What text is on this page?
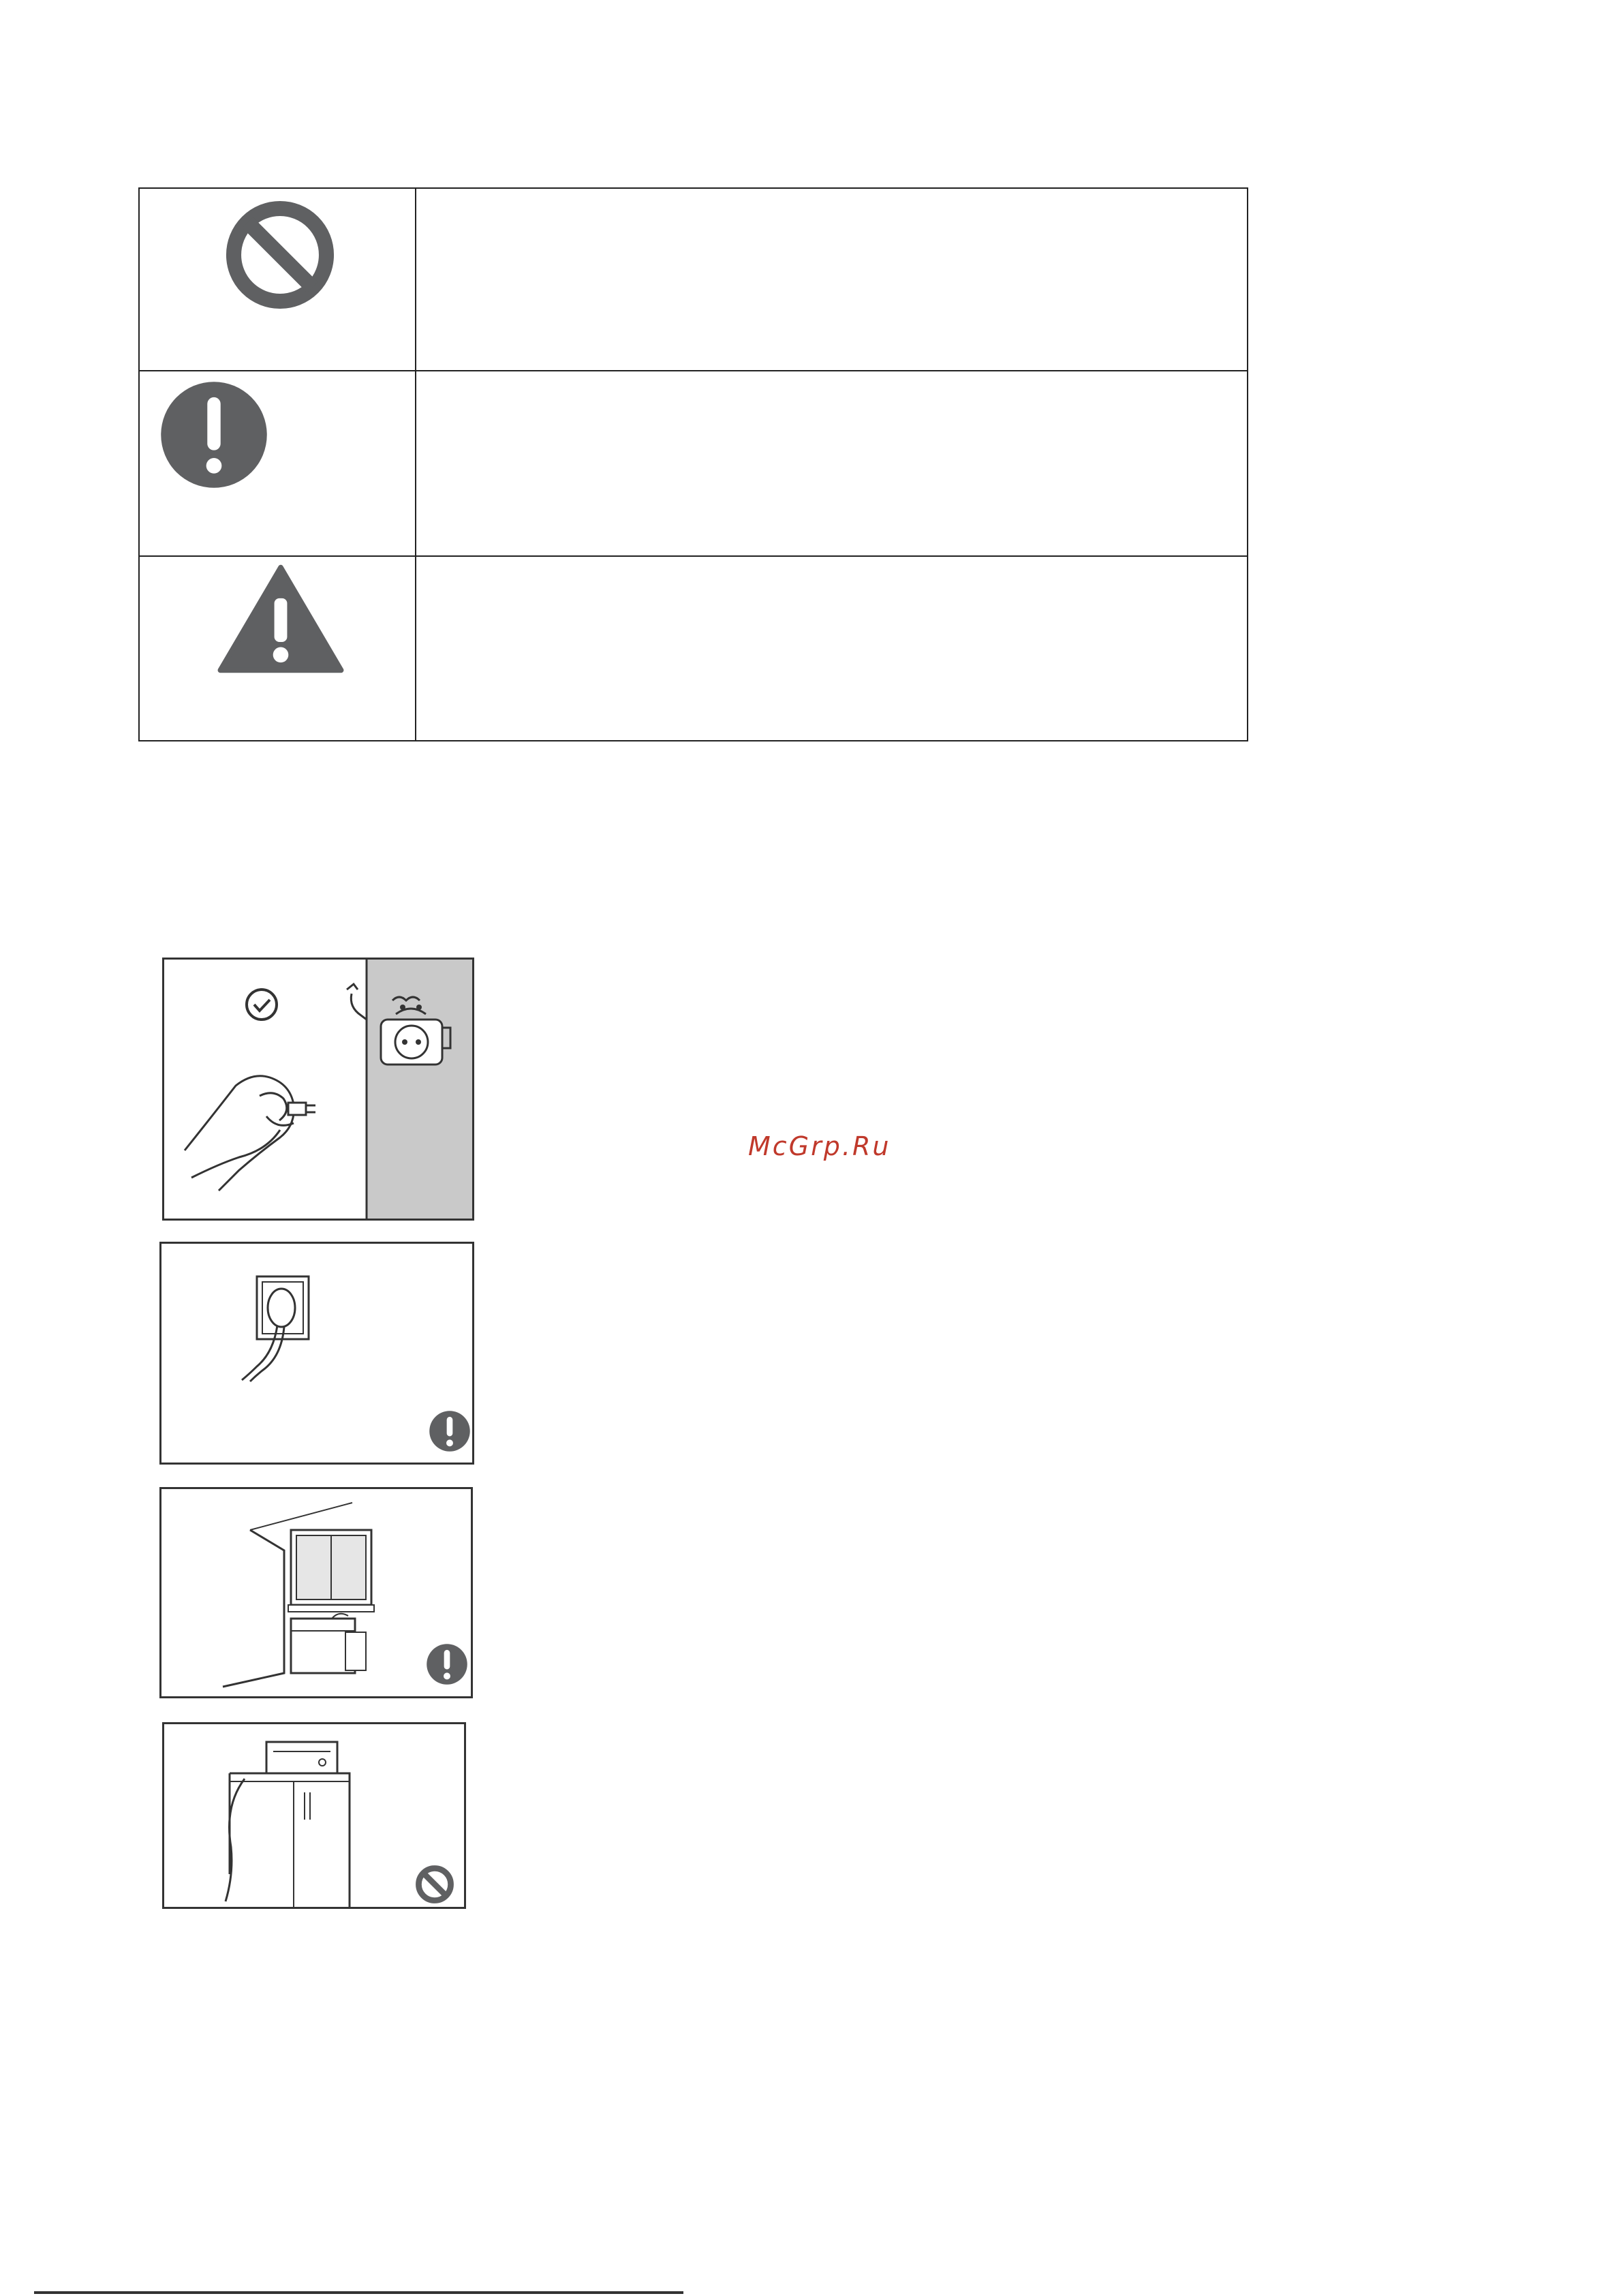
McGrp.Ru
